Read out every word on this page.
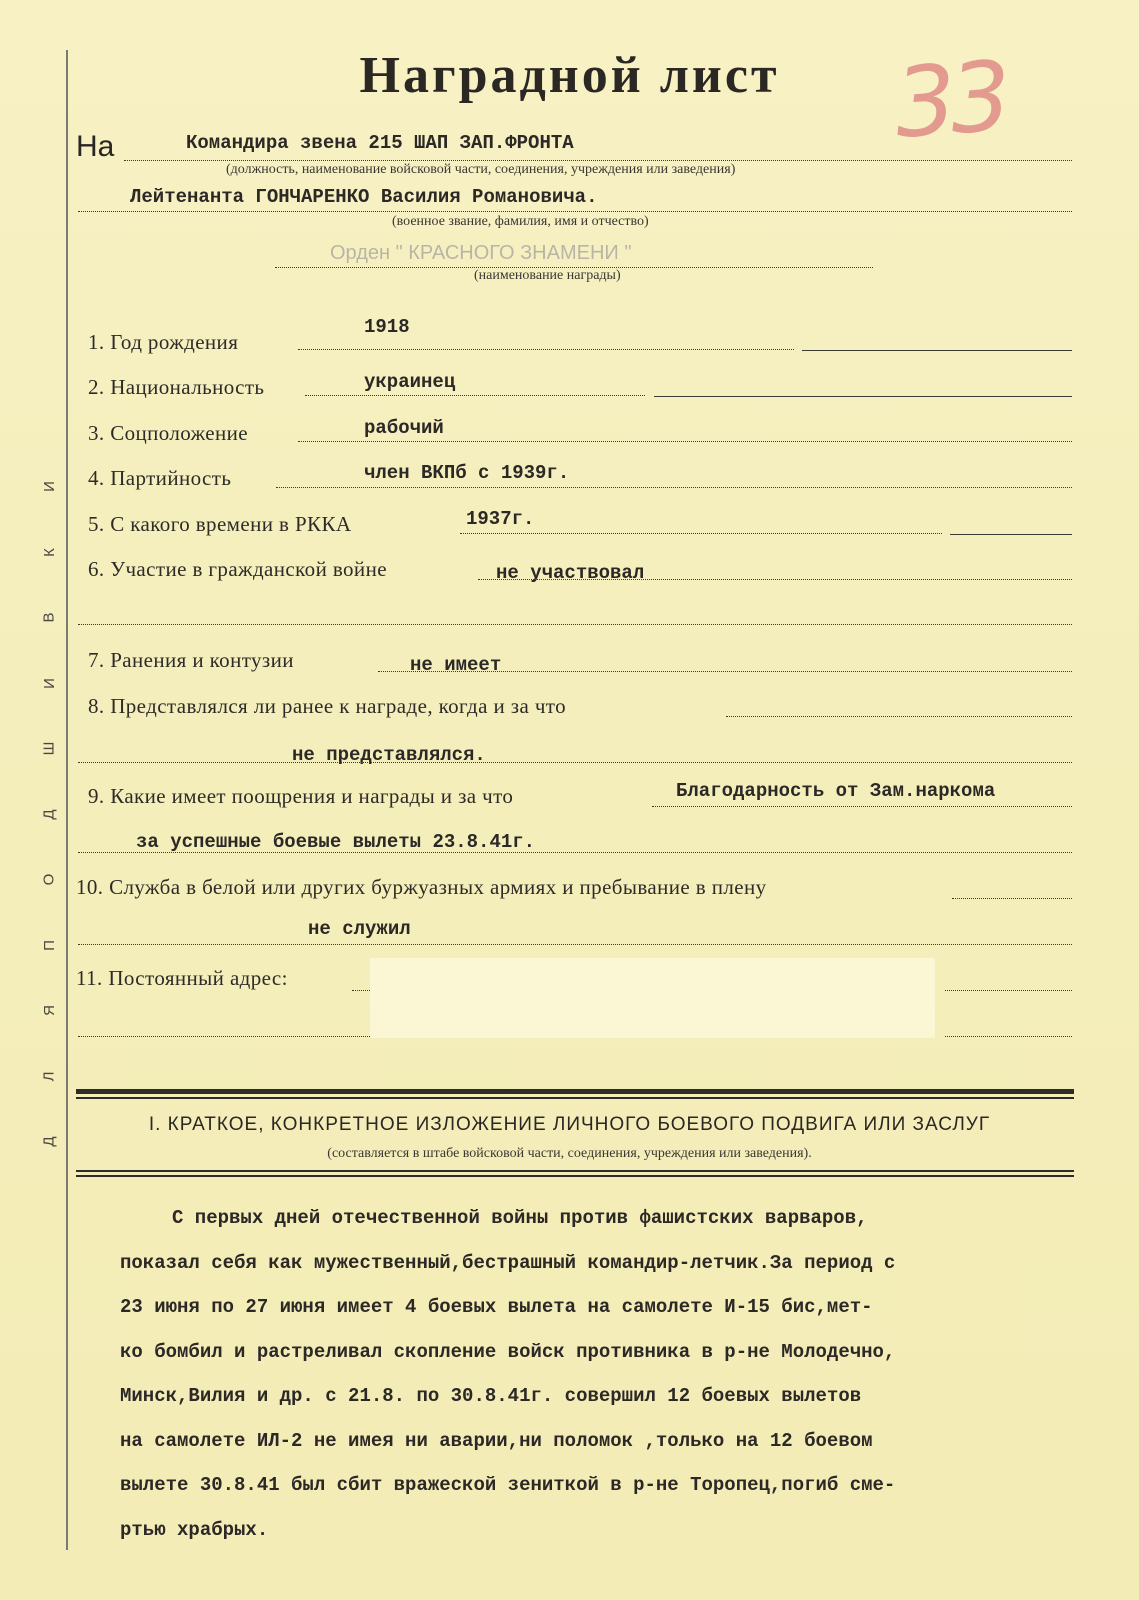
Д
Л
Я
П
О
Д
Ш
И
В
К
И
Наградной лист	33
На	Командира звена 215 ШАП ЗАП.ФРОНТА
(должность, наименование войсковой части, соединения, учреждения или заведения)
Лейтенанта ГОНЧАРЕНКО Василия Романовича.
(военное звание, фамилия, имя и отчество)
Орден " КРАСНОГО ЗНАМЕНИ "
(наименование награды)
1. Год рождения
1918
2. Национальность	украинец
3. Соцположение	рабочий
4. Партийность	член ВКПб с 1939г.
5. С какого времени в РККА	1937г.
6. Участие в гражданской войне	не участвовал
7. Ранения и контузии	не имеет
8. Представлялся ли ранее к награде, когда и за что
не представлялся.
9. Какие имеет поощрения и награды и за что	Благодарность от Зам.наркома
за успешные боевые вылеты 23.8.41г.
10. Служба в белой или других буржуазных армиях и пребывание в плену
не служил
11. Постоянный адрес:
I. КРАТКОЕ, КОНКРЕТНОЕ ИЗЛОЖЕНИЕ ЛИЧНОГО БОЕВОГО ПОДВИГА ИЛИ ЗАСЛУГ
(составляется в штабе войсковой части, соединения, учреждения или заведения).
С первых дней отечественной войны против фашистских варваров,
показал себя как мужественный,бестрашный командир-летчик.За период с
23 июня по 27 июня имеет 4 боевых вылета на самолете И-15 бис,мет-
ко бомбил и растреливал скопление войск противника в р-не Молодечно,
Минск,Вилия и др. с 21.8. по 30.8.41г. совершил 12 боевых вылетов
на самолете ИЛ-2 не имея ни аварии,ни поломок ,только на 12 боевом
вылете 30.8.41 был сбит вражеской зениткой в р-не Торопец,погиб сме-
ртью храбрых.
